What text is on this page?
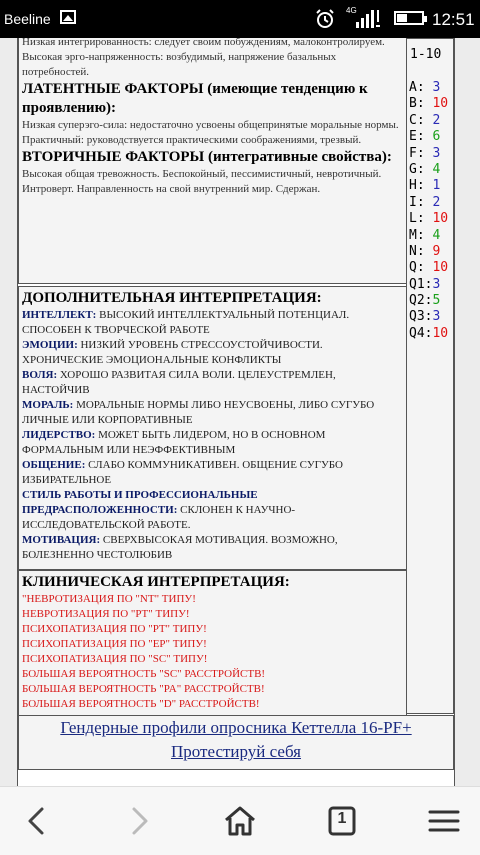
Beeline
4G	12:51

Низкая интегрированность: следует своим побуждениям, малоконтролируем.

Высокая эрго-напряженность: возбудимый, напряжение базальных потребностей.

ЛАТЕНТНЫЕ ФАКТОРЫ (имеющие тенденцию к проявлению):

Низкая суперэго-сила: недостаточно усвоены общепринятые моральные нормы.

Практичный: руководствуется практическими соображениями, трезвый.

ВТОРИЧНЫЕ ФАКТОРЫ (интегративные свойства):

Высокая общая тревожность. Беспокойный, пессимистичный, невротичный.

Интроверт. Направленность на свой внутренний мир. Сдержан.

ДОПОЛНИТЕЛЬНАЯ ИНТЕРПРЕТАЦИЯ:

ИНТЕЛЛЕКТ: ВЫСОКИЙ ИНТЕЛЛЕКТУАЛЬНЫЙ ПОТЕНЦИАЛ. СПОСОБЕН К ТВОРЧЕСКОЙ РАБОТЕ

ЭМОЦИИ: НИЗКИЙ УРОВЕНЬ СТРЕССОУСТОЙЧИВОСТИ. ХРОНИЧЕСКИЕ ЭМОЦИОНАЛЬНЫЕ КОНФЛИКТЫ

ВОЛЯ: ХОРОШО РАЗВИТАЯ СИЛА ВОЛИ. ЦЕЛЕУСТРЕМЛЕН, НАСТОЙЧИВ

МОРАЛЬ: МОРАЛЬНЫЕ НОРМЫ ЛИБО НЕУСВОЕНЫ, ЛИБО СУГУБО ЛИЧНЫЕ ИЛИ КОРПОРАТИВНЫЕ

ЛИДЕРСТВО: МОЖЕТ БЫТЬ ЛИДЕРОМ, НО В ОСНОВНОМ ФОРМАЛЬНЫМ ИЛИ НЕЭФФЕКТИВНЫМ

ОБЩЕНИЕ: СЛАБО КОММУНИКАТИВЕН. ОБЩЕНИЕ СУГУБО ИЗБИРАТЕЛЬНОЕ

СТИЛЬ РАБОТЫ И ПРОФЕССИОНАЛЬНЫЕ ПРЕДРАСПОЛОЖЕННОСТИ: СКЛОНЕН К НАУЧНО-ИССЛЕДОВАТЕЛЬСКОЙ РАБОТЕ.

МОТИВАЦИЯ: СВЕРХВЫСОКАЯ МОТИВАЦИЯ. ВОЗМОЖНО, БОЛЕЗНЕННО ЧЕСТОЛЮБИВ

КЛИНИЧЕСКАЯ ИНТЕРПРЕТАЦИЯ:

"НЕВРОТИЗАЦИЯ ПО "NT" ТИПУ!

НЕВРОТИЗАЦИЯ ПО "PT" ТИПУ!

ПСИХОПАТИЗАЦИЯ ПО "PT" ТИПУ!

ПСИХОПАТИЗАЦИЯ ПО "EP" ТИПУ!

ПСИХОПАТИЗАЦИЯ ПО "SC" ТИПУ!

БОЛЬШАЯ ВЕРОЯТНОСТЬ "SC" РАССТРОЙСТВ!

БОЛЬШАЯ ВЕРОЯТНОСТЬ "PA" РАССТРОЙСТВ!

БОЛЬШАЯ ВЕРОЯТНОСТЬ "D" РАССТРОЙСТВ!

1-10
A: 3
B: 10
C: 2
E: 6
F: 3
G: 4
H: 1
I: 2
L: 10
M: 4
N: 9
Q: 10
Q1:3
Q2:5
Q3:3
Q4:10
Гендерные профили опросника Кеттелла 16-PF+
Протестируй себя
1
